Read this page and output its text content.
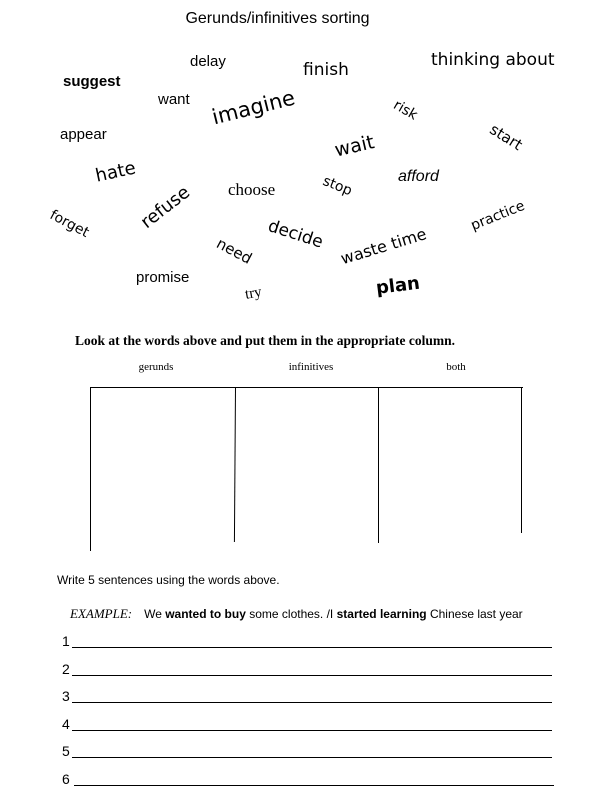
Gerunds/infinitives sorting
delay	finish	thinking about
suggest
want imagine	risk
appear	wait	start
hate
choose	stop	afford
refuse
forget	decide
practice
need	waste time
promise
try	plan
Look at the words above and put them in the appropriate column.
gerunds	infinitives	both
Write 5 sentences using the words above.
EXAMPLE: We wanted to buy some clothes. /I started learning Chinese last year
1
2
3
4
5
6
